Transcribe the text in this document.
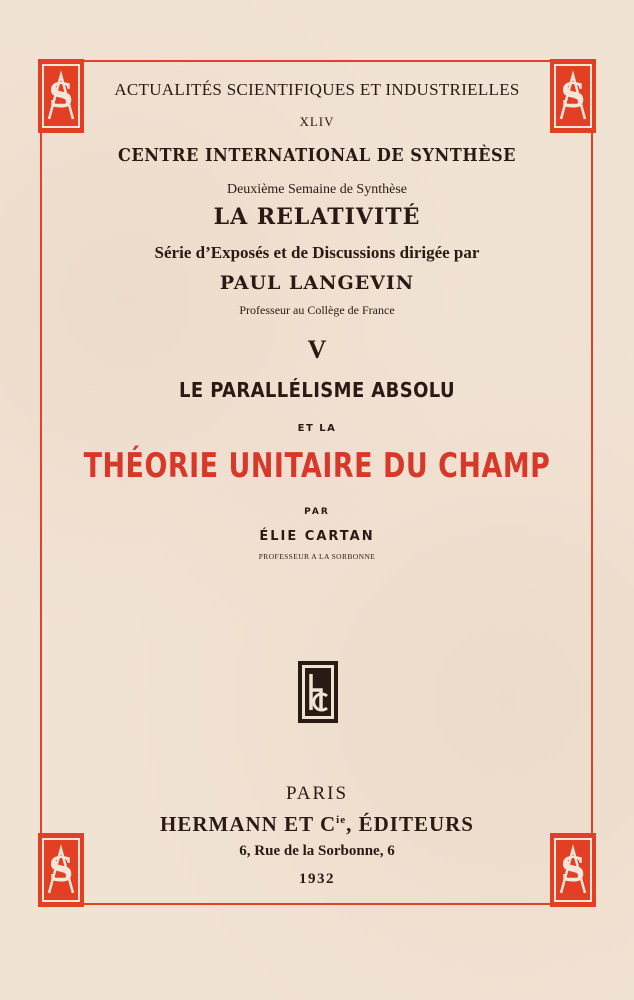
S	S
S	S
ACTUALITÉS SCIENTIFIQUES ET INDUSTRIELLES
XLIV
CENTRE INTERNATIONAL DE SYNTHÈSE
Deuxième Semaine de Synthèse
LA RELATIVITÉ
Série d’Exposés et de Discussions dirigée par
PAUL LANGEVIN
Professeur au Collège de France
V
LE PARALLÉLISME ABSOLU
ET LA
THÉORIE UNITAIRE DU CHAMP
PAR
ÉLIE CARTAN
PROFESSEUR A LA SORBONNE
PARIS
HERMANN ET $C^{ie}$, ÉDITEURS
6, Rue de la Sorbonne, 6
1932
